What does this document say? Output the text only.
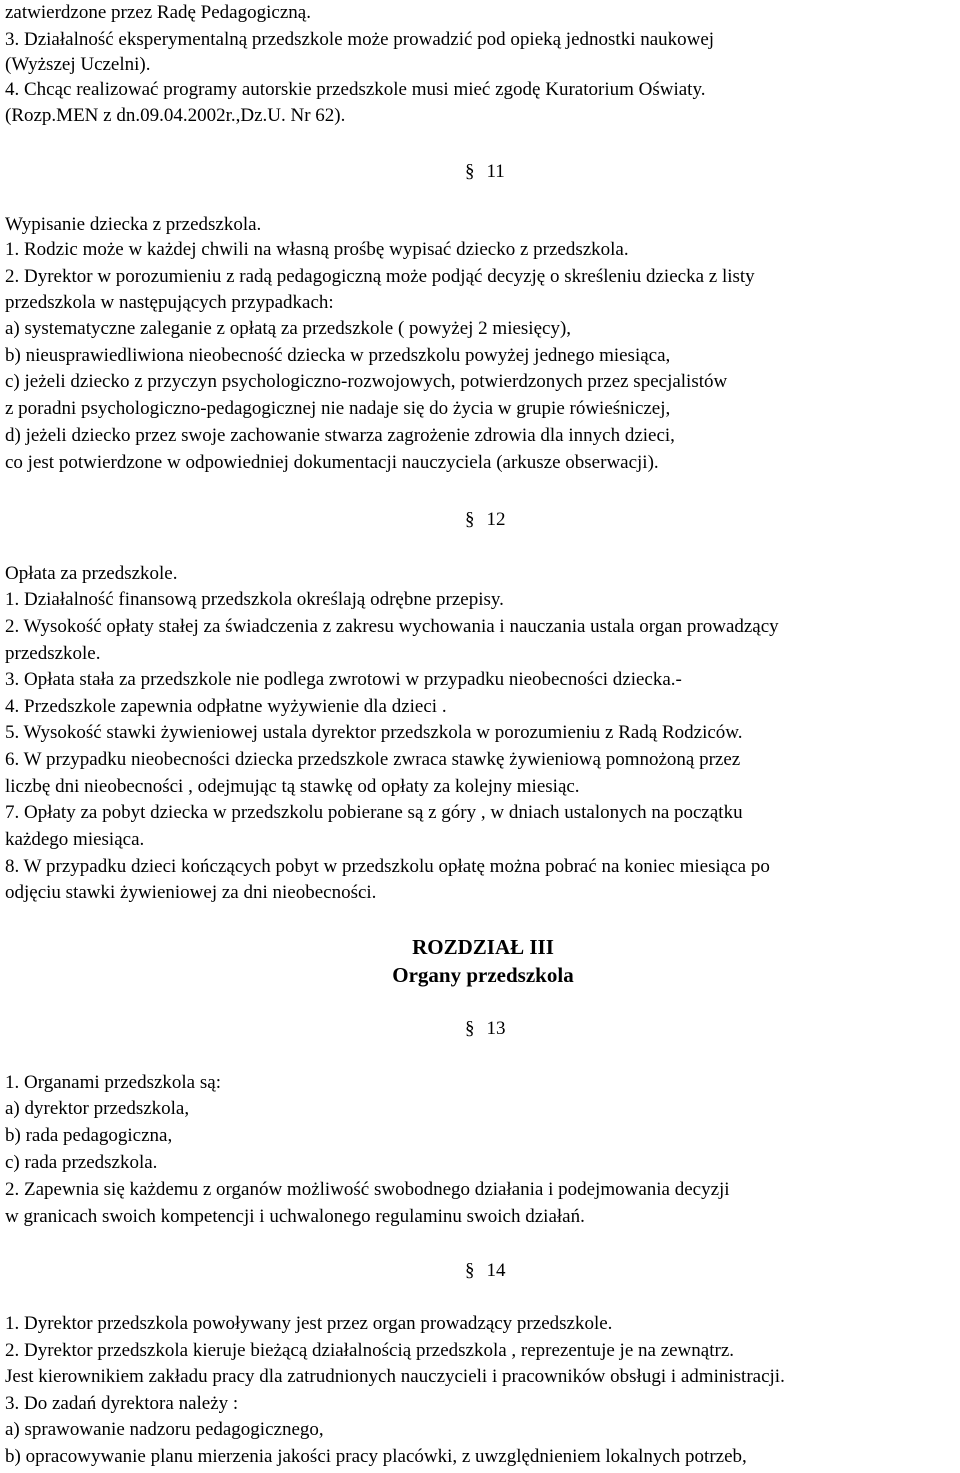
zatwierdzone przez Radę Pedagogiczną.
3. Działalność eksperymentalną przedszkole może prowadzić pod opieką jednostki naukowej
(Wyższej Uczelni).
4. Chcąc realizować programy autorskie przedszkole musi mieć zgodę Kuratorium Oświaty.
(Rozp.MEN z dn.09.04.2002r.,Dz.U. Nr 62).
§ 11
Wypisanie dziecka z przedszkola.
1. Rodzic może w każdej chwili na własną prośbę wypisać dziecko z przedszkola.
2. Dyrektor w porozumieniu z radą pedagogiczną może podjąć decyzję o skreśleniu dziecka z listy
przedszkola w następujących przypadkach:
a) systematyczne zaleganie z opłatą za przedszkole ( powyżej 2 miesięcy),
b) nieusprawiedliwiona nieobecność dziecka w przedszkolu powyżej jednego miesiąca,
c) jeżeli dziecko z przyczyn psychologiczno-rozwojowych, potwierdzonych przez specjalistów
z poradni psychologiczno-pedagogicznej nie nadaje się do życia w grupie rówieśniczej,
d) jeżeli dziecko przez swoje zachowanie stwarza zagrożenie zdrowia dla innych dzieci,
co jest potwierdzone w odpowiedniej dokumentacji nauczyciela (arkusze obserwacji).
§ 12
Opłata za przedszkole.
1. Działalność finansową przedszkola określają odrębne przepisy.
2. Wysokość opłaty stałej za świadczenia z zakresu wychowania i nauczania ustala organ prowadzący
przedszkole.
3. Opłata stała za przedszkole nie podlega zwrotowi w przypadku nieobecności dziecka.-
4. Przedszkole zapewnia odpłatne wyżywienie dla dzieci .
5. Wysokość stawki żywieniowej ustala dyrektor przedszkola w porozumieniu z Radą Rodziców.
6. W przypadku nieobecności dziecka przedszkole zwraca stawkę żywieniową pomnożoną przez
liczbę dni nieobecności , odejmując tą stawkę od opłaty za kolejny miesiąc.
7. Opłaty za pobyt dziecka w przedszkolu pobierane są z góry , w dniach ustalonych na początku
każdego miesiąca.
8. W przypadku dzieci kończących pobyt w przedszkolu opłatę można pobrać na koniec miesiąca po
odjęciu stawki żywieniowej za dni nieobecności.
ROZDZIAŁ III
Organy przedszkola
§ 13
1. Organami przedszkola są:
a) dyrektor przedszkola,
b) rada pedagogiczna,
c) rada przedszkola.
2. Zapewnia się każdemu z organów możliwość swobodnego działania i podejmowania decyzji
w granicach swoich kompetencji i uchwalonego regulaminu swoich działań.
§ 14
1. Dyrektor przedszkola powoływany jest przez organ prowadzący przedszkole.
2. Dyrektor przedszkola kieruje bieżącą działalnością przedszkola , reprezentuje je na zewnątrz.
Jest kierownikiem zakładu pracy dla zatrudnionych nauczycieli i pracowników obsługi i administracji.
3. Do zadań dyrektora należy :
a) sprawowanie nadzoru pedagogicznego,
b) opracowywanie planu mierzenia jakości pracy placówki, z uwzględnieniem lokalnych potrzeb,
